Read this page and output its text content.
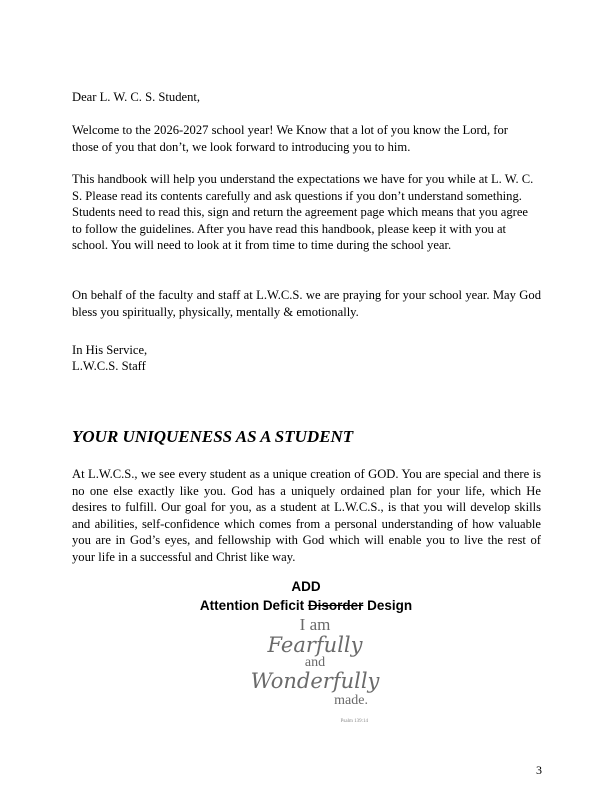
Dear L. W. C. S. Student,

Welcome to the 2026-2027 school year! We Know that a lot of you know the Lord, for those of you that don’t, we look forward to introducing you to him.

This handbook will help you understand the expectations we have for you while at L. W. C. S. Please read its contents carefully and ask questions if you don’t understand something. Students need to read this, sign and return the agreement page which means that you agree to follow the guidelines. After you have read this handbook, please keep it with you at school. You will need to look at it from time to time during the school year.

On behalf of the faculty and staff at L.W.C.S. we are praying for your school year. May God bless you spiritually, physically, mentally & emotionally.

In His Service,

L.W.C.S. Staff

YOUR UNIQUENESS AS A STUDENT

At L.W.C.S., we see every student as a unique creation of GOD. You are special and there is no one else exactly like you. God has a uniquely ordained plan for your life, which He desires to fulfill. Our goal for you, as a student at L.W.C.S., is that you will develop skills and abilities, self-confidence which comes from a personal understanding of how valuable you are in God’s eyes, and fellowship with God which will enable you to live the rest of your life in a successful and Christ like way.

ADD
Attention Deficit Disorder Design
I am
Fearfully
and
Wonderfully
made.
Psalm 139:14
3
